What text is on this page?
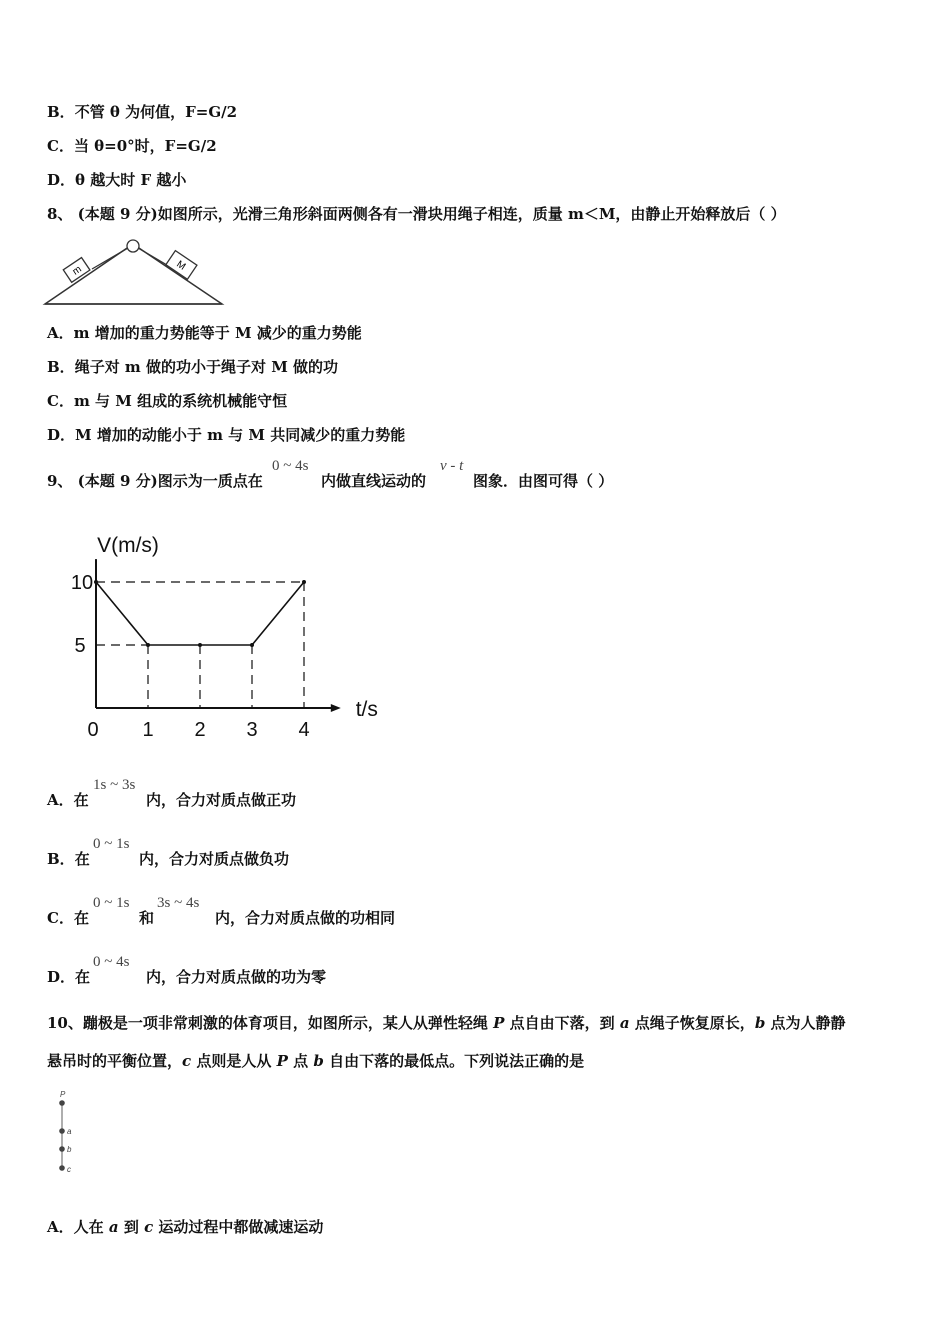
B．不管 θ 为何值，F=G/2
C．当 θ=0°时，F=G/2
D．θ 越大时 F 越小
8、 (本题 9 分)如图所示，光滑三角形斜面两侧各有一滑块用绳子相连，质量 m＜M，由静止开始释放后（ ）
m	M
A．m 增加的重力势能等于 M 减少的重力势能
B．绳子对 m 做的功小于绳子对 M 做的功
C．m 与 M 组成的系统机械能守恒
D．M 增加的动能小于 m 与 M 共同减少的重力势能
9、 (本题 9 分)图示为一质点在
0 ~ 4s
内做直线运动的
v - t
图象．由图可得（ ）
0 1 2 3 4
10
5
V(m/s)
t/s
A．在
1s ~ 3s
内，合力对质点做正功
B．在
0 ~ 1s
内，合力对质点做负功
C．在
0 ~ 1s
和
3s ~ 4s
内，合力对质点做的功相同
D．在
0 ~ 4s
内，合力对质点做的功为零
10、蹦极是一项非常刺激的体育项目，如图所示，某人从弹性轻绳 P 点自由下落，到 a 点绳子恢复原长，b 点为人静静
悬吊时的平衡位置，c 点则是人从 P 点 b 自由下落的最低点。下列说法正确的是
P
a
b
c
A．人在 a 到 c 运动过程中都做减速运动
